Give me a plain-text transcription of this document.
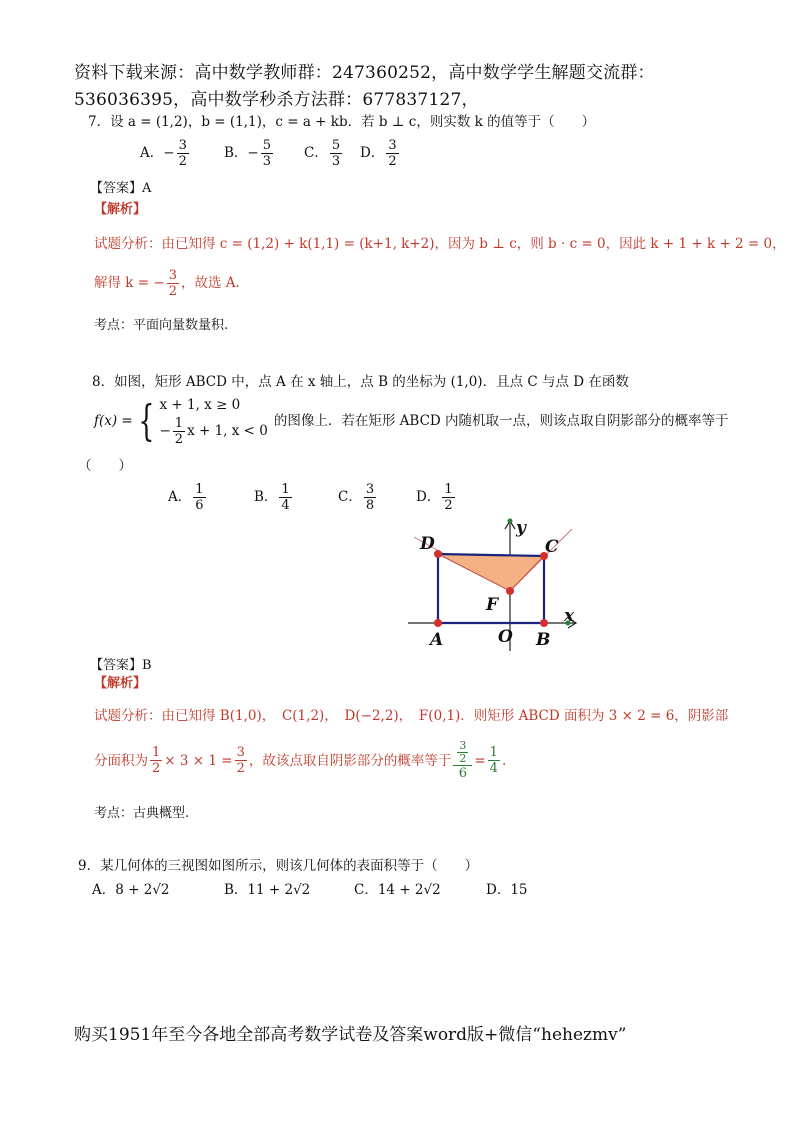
资料下载来源：高中数学教师群：247360252，高中数学学生解题交流群：
536036395，高中数学秒杀方法群：677837127，
7．设 a = (1,2)，b = (1,1)，c = a + kb．若 b ⊥ c，则实数 k 的值等于（　　）
A．− $\frac{3}{2}$	B．− $\frac{5}{3}$ C． $\frac{5}{3}$ D． $\frac{3}{2}$
【答案】A
【解析】
试题分析：由已知得 c = (1,2) + k(1,1) = (k+1, k+2)，因为 b ⊥ c，则 b · c = 0，因此 k + 1 + k + 2 = 0，
解得 k = − $\frac{3}{2}$ ，故选 A.
考点：平面向量数量积.
8．如图，矩形 ABCD 中，点 A 在 x 轴上，点 B 的坐标为 (1,0)．且点 C 与点 D 在函数
f(x) = { x + 1, x ≥ 0
− $\frac{1}{2}$ x + 1, x < 0
的图像上．若在矩形 ABCD 内随机取一点，则该点取自阴影部分的概率等于
（　　）
A． $\frac{1}{6}$	B． $\frac{1}{4}$	C． $\frac{3}{8}$	D． $\frac{1}{2}$
D	C
F
A	O B
x
y
【答案】B
【解析】
试题分析：由已知得 B(1,0)，　C(1,2)，　D(−2,2)，　F(0,1)．则矩形 ABCD 面积为 3 × 2 = 6，阴影部
分面积为 $\frac{1}{2} \times 3 \times 1 = \frac{3}{2}$ ，故该点取自阴影部分的概率等于 $\frac{\frac{3}{2}}{6} = \frac{1}{4}$ .
考点：古典概型.
9．某几何体的三视图如图所示，则该几何体的表面积等于（　　）
A．8 + 2√2	B．11 + 2√2	C．14 + 2√2	D．15
购买1951年至今各地全部高考数学试卷及答案word版+微信“hehezmv”
